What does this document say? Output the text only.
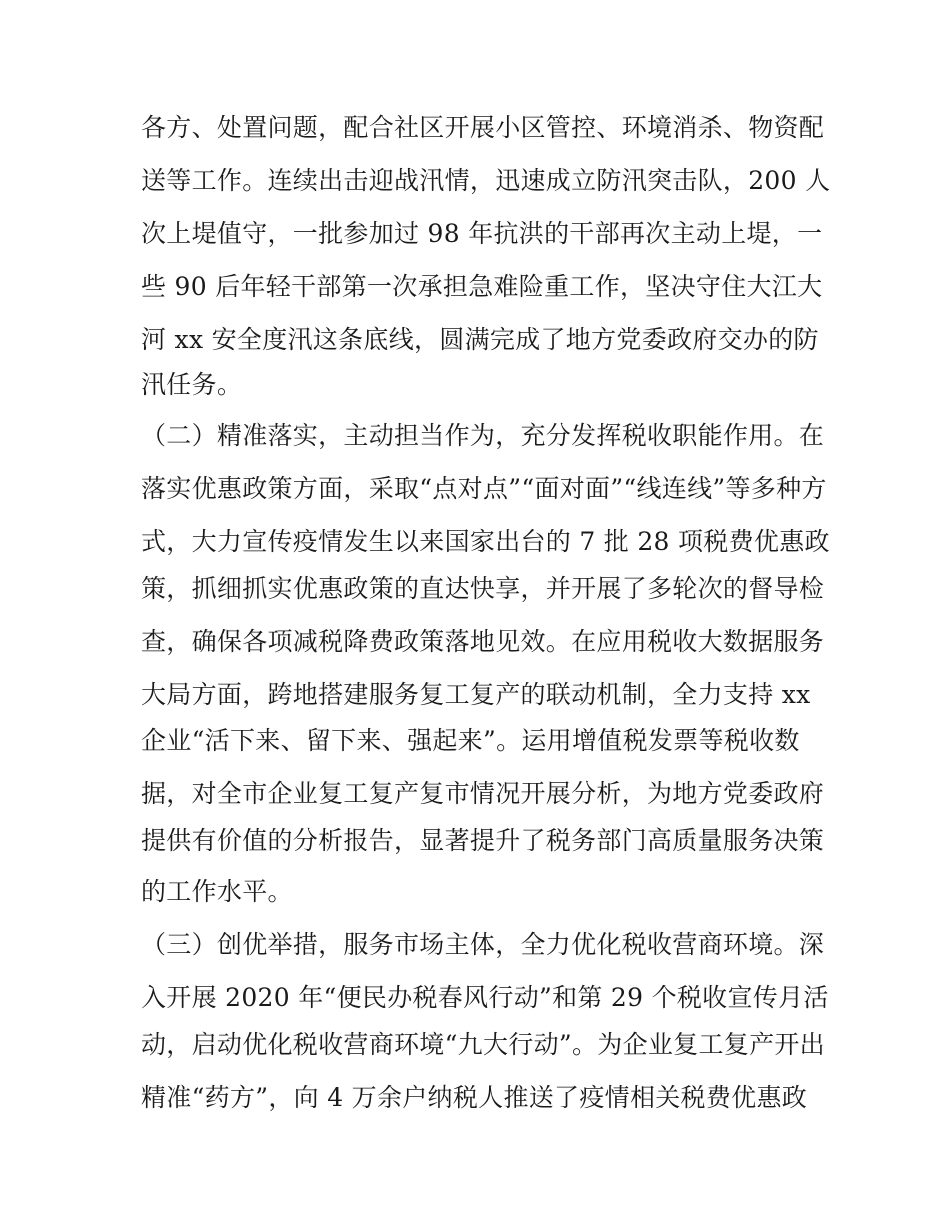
各方、处置问题，配合社区开展小区管控、环境消杀、物资配
送等工作。连续出击迎战汛情，迅速成立防汛突击队，200 人
次上堤值守，一批参加过 98 年抗洪的干部再次主动上堤，一
些 90 后年轻干部第一次承担急难险重工作，坚决守住大江大
河 xx 安全度汛这条底线，圆满完成了地方党委政府交办的防
汛任务。
（二）精准落实，主动担当作为，充分发挥税收职能作用。在
落实优惠政策方面，采取“点对点”“面对面”“线连线”等多种方
式，大力宣传疫情发生以来国家出台的 7 批 28 项税费优惠政
策，抓细抓实优惠政策的直达快享，并开展了多轮次的督导检
查，确保各项减税降费政策落地见效。在应用税收大数据服务
大局方面，跨地搭建服务复工复产的联动机制，全力支持 xx
企业“活下来、留下来、强起来”。运用增值税发票等税收数
据，对全市企业复工复产复市情况开展分析，为地方党委政府
提供有价值的分析报告，显著提升了税务部门高质量服务决策
的工作水平。
（三）创优举措，服务市场主体，全力优化税收营商环境。深
入开展 2020 年“便民办税春风行动”和第 29 个税收宣传月活
动，启动优化税收营商环境“九大行动”。为企业复工复产开出
精准“药方”，向 4 万余户纳税人推送了疫情相关税费优惠政
